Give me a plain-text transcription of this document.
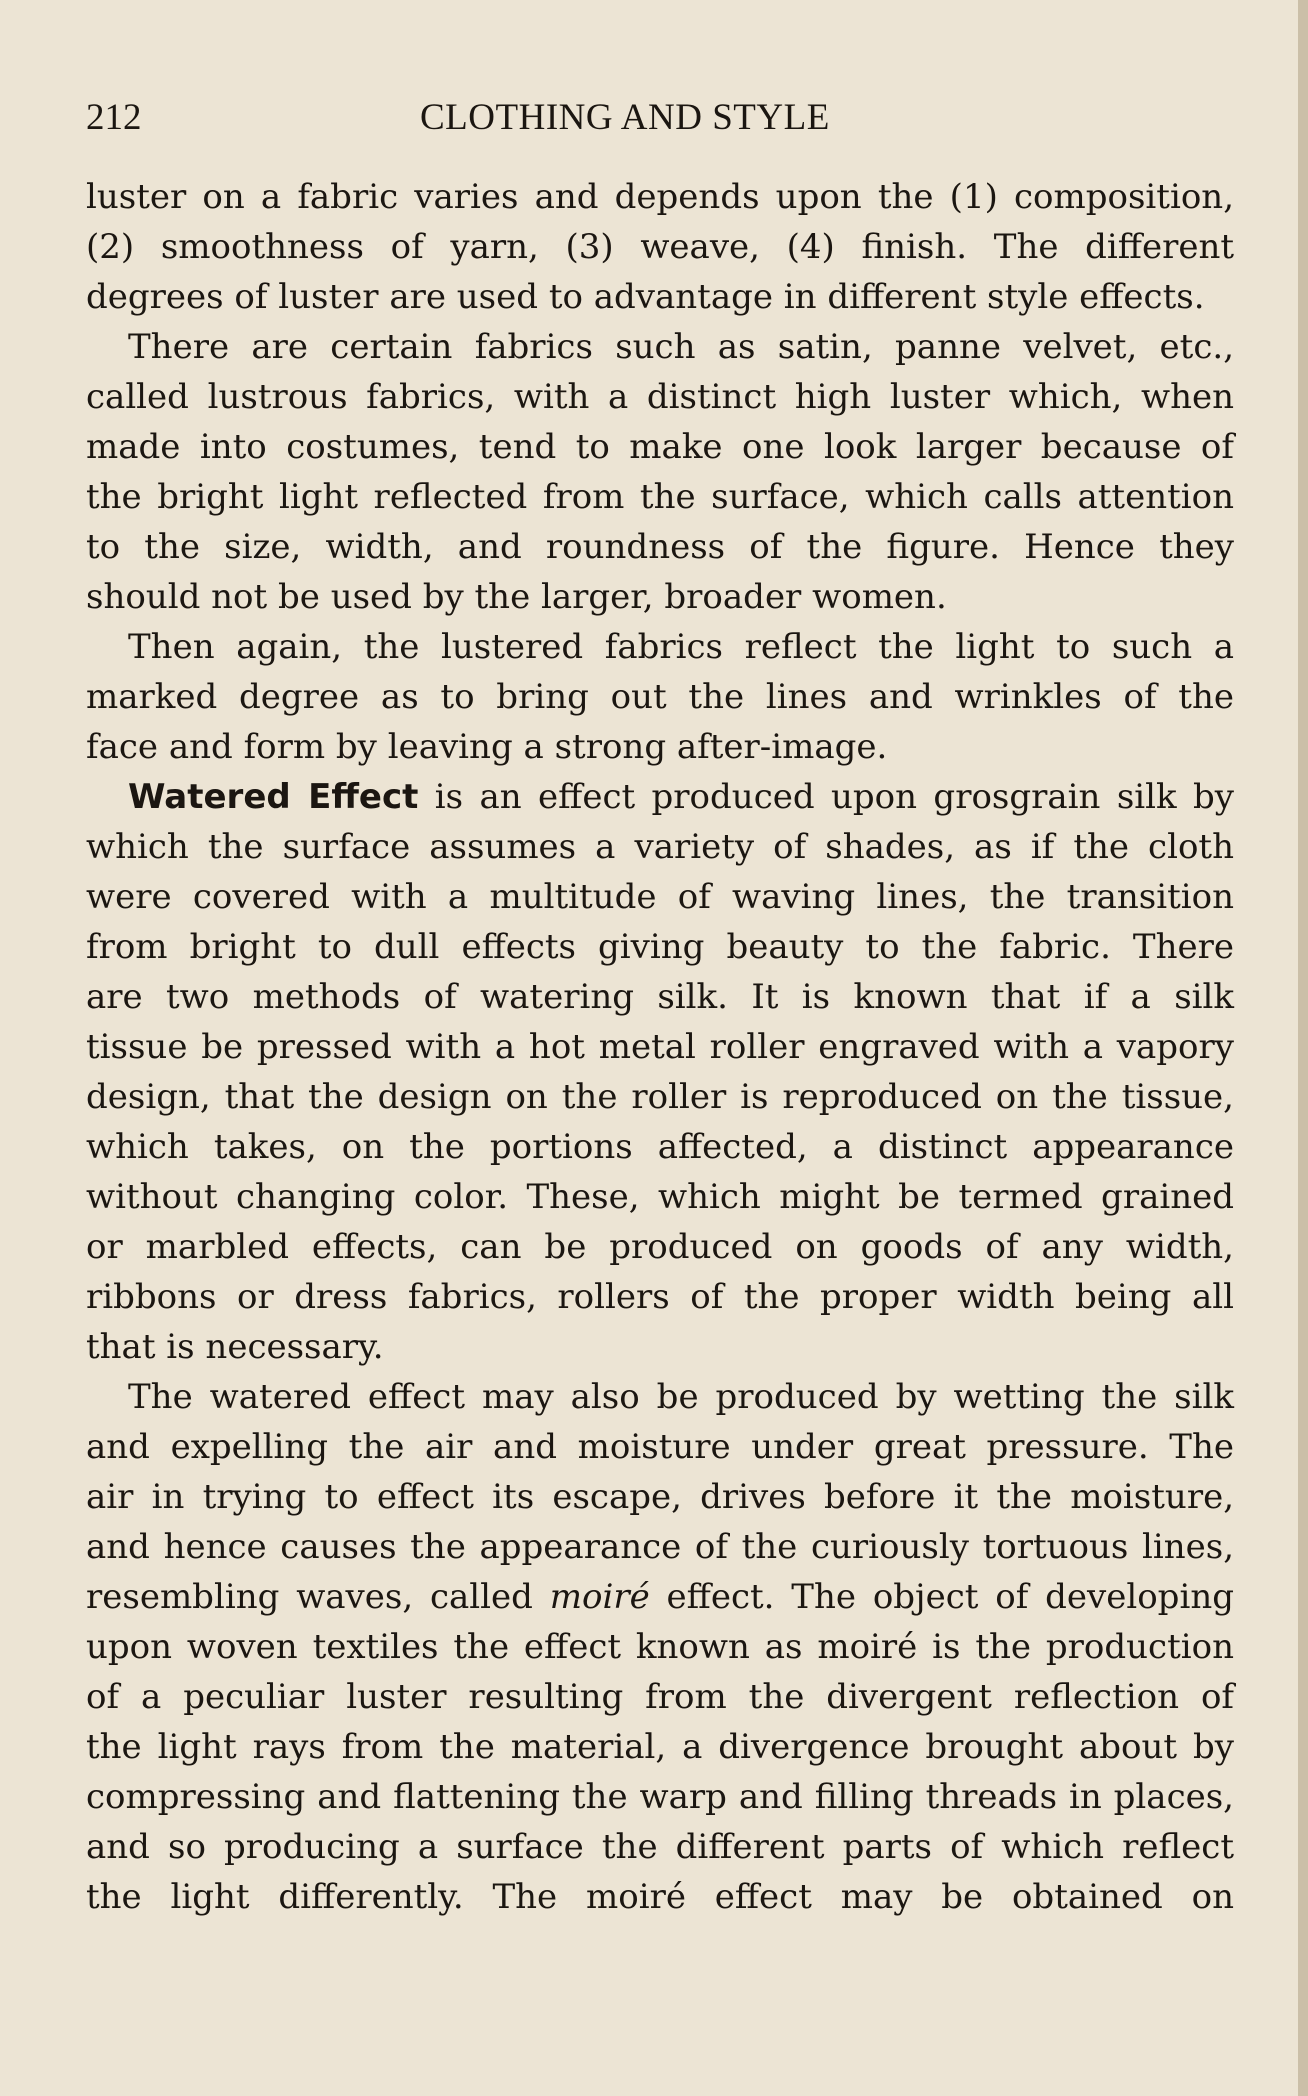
212	CLOTHING AND STYLE

luster on a fabric varies and depends upon the (1) composition,
(2) smoothness of yarn, (3) weave, (4) finish. The different
degrees of luster are used to advantage in different style effects.
There are certain fabrics such as satin, panne velvet, etc.,
called lustrous fabrics, with a distinct high luster which, when
made into costumes, tend to make one look larger because of
the bright light reflected from the surface, which calls attention
to the size, width, and roundness of the figure. Hence they
should not be used by the larger, broader women.
Then again, the lustered fabrics reflect the light to such a
marked degree as to bring out the lines and wrinkles of the
face and form by leaving a strong after-image.
Watered Effect is an effect produced upon grosgrain silk by
which the surface assumes a variety of shades, as if the cloth
were covered with a multitude of waving lines, the transition
from bright to dull effects giving beauty to the fabric. There
are two methods of watering silk. It is known that if a silk
tissue be pressed with a hot metal roller engraved with a vapory
design, that the design on the roller is reproduced on the tissue,
which takes, on the portions affected, a distinct appearance
without changing color. These, which might be termed grained
or marbled effects, can be produced on goods of any width,
ribbons or dress fabrics, rollers of the proper width being all
that is necessary.
The watered effect may also be produced by wetting the silk
and expelling the air and moisture under great pressure. The
air in trying to effect its escape, drives before it the moisture,
and hence causes the appearance of the curiously tortuous lines,
resembling waves, called moiré effect. The object of developing
upon woven textiles the effect known as moiré is the production
of a peculiar luster resulting from the divergent reflection of
the light rays from the material, a divergence brought about by
compressing and flattening the warp and filling threads in places,
and so producing a surface the different parts of which reflect
the light differently. The moiré effect may be obtained on
